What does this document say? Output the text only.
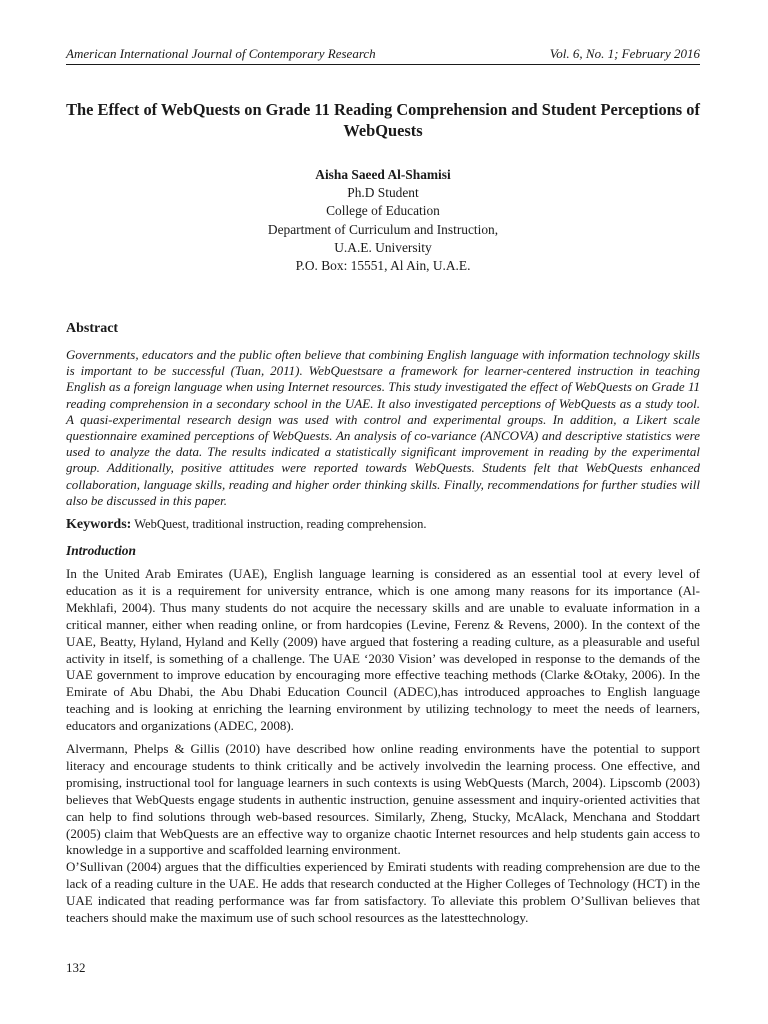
American International Journal of Contemporary Research	Vol. 6, No. 1; February 2016
The Effect of WebQuests on Grade 11 Reading Comprehension and Student Perceptions of WebQuests
Aisha Saeed Al-Shamisi
Ph.D Student
College of Education
Department of Curriculum and Instruction,
U.A.E. University
P.O. Box: 15551, Al Ain, U.A.E.
Abstract

Governments, educators and the public often believe that combining English language with information technology skills is important to be successful (Tuan, 2011). WebQuestsare a framework for learner-centered instruction in teaching English as a foreign language when using Internet resources. This study investigated the effect of WebQuests on Grade 11 reading comprehension in a secondary school in the UAE. It also investigated perceptions of WebQuests as a study tool. A quasi-experimental research design was used with control and experimental groups. In addition, a Likert scale questionnaire examined perceptions of WebQuests. An analysis of co-variance (ANCOVA) and descriptive statistics were used to analyze the data. The results indicated a statistically significant improvement in reading by the experimental group. Additionally, positive attitudes were reported towards WebQuests. Students felt that WebQuests enhanced collaboration, language skills, reading and higher order thinking skills. Finally, recommendations for further studies will also be discussed in this paper.

Keywords: WebQuest, traditional instruction, reading comprehension.

Introduction

In the United Arab Emirates (UAE), English language learning is considered as an essential tool at every level of education as it is a requirement for university entrance, which is one among many reasons for its importance (Al-Mekhlafi, 2004). Thus many students do not acquire the necessary skills and are unable to evaluate information in a critical manner, either when reading online, or from hardcopies (Levine, Ferenz & Revens, 2000). In the context of the UAE, Beatty, Hyland, Hyland and Kelly (2009) have argued that fostering a reading culture, as a pleasurable and useful activity in itself, is something of a challenge. The UAE ‘2030 Vision’ was developed in response to the demands of the UAE government to improve education by encouraging more effective teaching methods (Clarke &Otaky, 2006). In the Emirate of Abu Dhabi, the Abu Dhabi Education Council (ADEC),has introduced approaches to English language teaching and is looking at enriching the learning environment by utilizing technology to meet the needs of learners, educators and organizations (ADEC, 2008).

Alvermann, Phelps & Gillis (2010) have described how online reading environments have the potential to support literacy and encourage students to think critically and be actively involvedin the learning process. One effective, and promising, instructional tool for language learners in such contexts is using WebQuests (March, 2004). Lipscomb (2003) believes that WebQuests engage students in authentic instruction, genuine assessment and inquiry-oriented activities that can help to find solutions through web-based resources. Similarly, Zheng, Stucky, McAlack, Menchana and Stoddart (2005) claim that WebQuests are an effective way to organize chaotic Internet resources and help students gain access to knowledge in a supportive and scaffolded learning environment.

O’Sullivan (2004) argues that the difficulties experienced by Emirati students with reading comprehension are due to the lack of a reading culture in the UAE. He adds that research conducted at the Higher Colleges of Technology (HCT) in the UAE indicated that reading performance was far from satisfactory. To alleviate this problem O’Sullivan believes that teachers should make the maximum use of such school resources as the latesttechnology.

132
